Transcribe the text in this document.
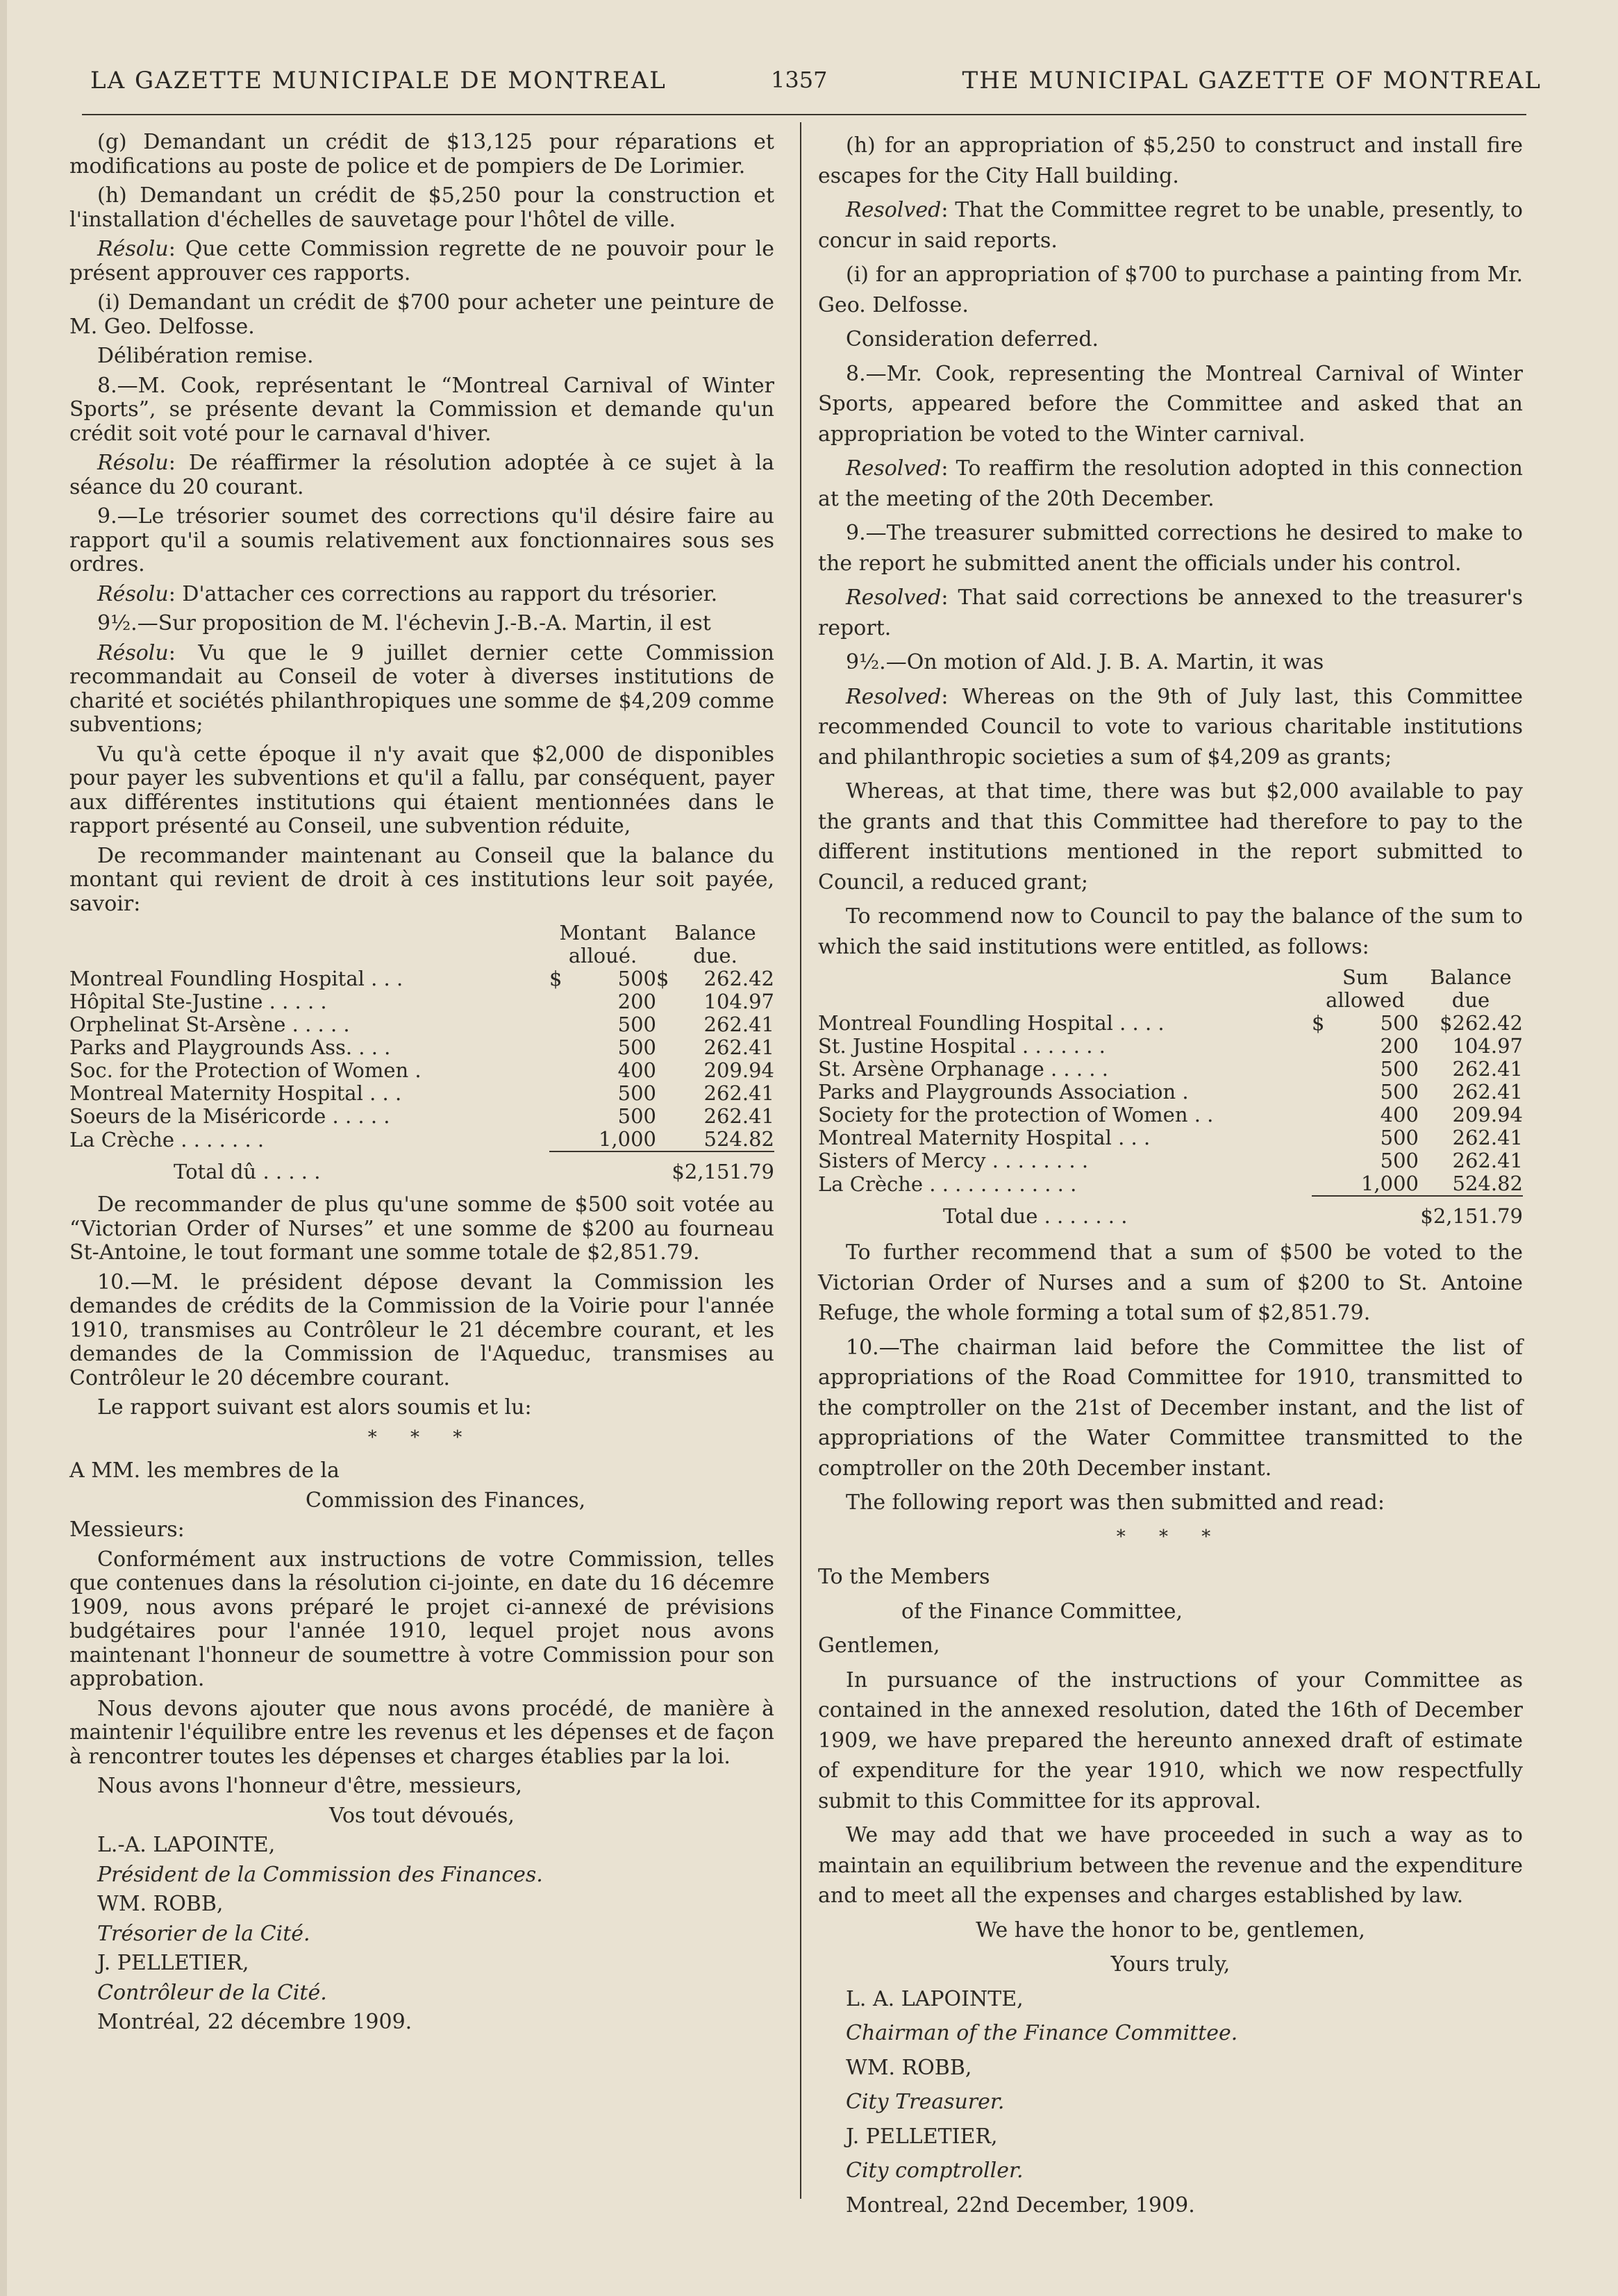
LA GAZETTE MUNICIPALE DE MONTREAL	1357	THE MUNICIPAL GAZETTE OF MONTREAL

(g) Demandant un crédit de $13,125 pour réparations et modifications au poste de police et de pompiers de De Lorimier.

(h) Demandant un crédit de $5,250 pour la construction et l'installation d'échelles de sauvetage pour l'hôtel de ville.

Résolu: Que cette Commission regrette de ne pouvoir pour le présent approuver ces rapports.

(i) Demandant un crédit de $700 pour acheter une peinture de M. Geo. Delfosse.

Délibération remise.

8.—M. Cook, représentant le “Montreal Carnival of Winter Sports”, se présente devant la Commission et demande qu'un crédit soit voté pour le carnaval d'hiver.

Résolu: De réaffirmer la résolution adoptée à ce sujet à la séance du 20 courant.

9.—Le trésorier soumet des corrections qu'il désire faire au rapport qu'il a soumis relativement aux fonctionnaires sous ses ordres.

Résolu: D'attacher ces corrections au rapport du trésorier.

9½.—Sur proposition de M. l'échevin J.-B.-A. Martin, il est

Résolu: Vu que le 9 juillet dernier cette Commission recommandait au Conseil de voter à diverses institutions de charité et sociétés philanthropiques une somme de $4,209 comme subventions;

Vu qu'à cette époque il n'y avait que $2,000 de disponibles pour payer les subventions et qu'il a fallu, par conséquent, payer aux différentes institutions qui étaient mentionnées dans le rapport présenté au Conseil, une subvention réduite,

De recommander maintenant au Conseil que la balance du montant qui revient de droit à ces institutions leur soit payée, savoir:

	Montant alloué.		Balance due.	
Montreal Foundling Hospital . . .	$	500	$	262.42
Hôpital Ste-Justine . . . . .		200		104.97
Orphelinat St-Arsène . . . . .		500		262.41
Parks and Playgrounds Ass. . . .		500		262.41
Soc. for the Protection of Women .		400		209.94
Montreal Maternity Hospital . . .		500		262.41
Soeurs de la Miséricorde . . . . .		500		262.41
La Crèche . . . . . . .		1,000		524.82

Total dû . . . . .	$2,151.79			

De recommander de plus qu'une somme de $500 soit votée au “Victorian Order of Nurses” et une somme de $200 au fourneau St-Antoine, le tout formant une somme totale de $2,851.79.

10.—M. le président dépose devant la Commission les demandes de crédits de la Commission de la Voirie pour l'année 1910, transmises au Contrôleur le 21 décembre courant, et les demandes de la Commission de l'Aqueduc, transmises au Contrôleur le 20 décembre courant.

Le rapport suivant est alors soumis et lu:

* * *

A MM. les membres de la

Commission des Finances,

Messieurs:

Conformément aux instructions de votre Commission, telles que contenues dans la résolution ci-jointe, en date du 16 décemre 1909, nous avons préparé le projet ci-annexé de prévisions budgétaires pour l'année 1910, lequel projet nous avons maintenant l'honneur de soumettre à votre Commission pour son approbation.

Nous devons ajouter que nous avons procédé, de manière à maintenir l'équilibre entre les revenus et les dépenses et de façon à rencontrer toutes les dépenses et charges établies par la loi.

Nous avons l'honneur d'être, messieurs,

Vos tout dévoués,

L.-A. LAPOINTE,

Président de la Commission des Finances.

WM. ROBB,

Trésorier de la Cité.

J. PELLETIER,

Contrôleur de la Cité.

Montréal, 22 décembre 1909.

(h) for an appropriation of $5,250 to construct and install fire escapes for the City Hall building.

Resolved: That the Committee regret to be unable, presently, to concur in said reports.

(i) for an appropriation of $700 to purchase a painting from Mr. Geo. Delfosse.

Consideration deferred.

8.—Mr. Cook, representing the Montreal Carnival of Winter Sports, appeared before the Committee and asked that an appropriation be voted to the Winter carnival.

Resolved: To reaffirm the resolution adopted in this connection at the meeting of the 20th December.

9.—The treasurer submitted corrections he desired to make to the report he submitted anent the officials under his control.

Resolved: That said corrections be annexed to the treasurer's report.

9½.—On motion of Ald. J. B. A. Martin, it was

Resolved: Whereas on the 9th of July last, this Committee recommended Council to vote to various charitable institutions and philanthropic societies a sum of $4,209 as grants;

Whereas, at that time, there was but $2,000 available to pay the grants and that this Committee had therefore to pay to the different institutions mentioned in the report submitted to Council, a reduced grant;

To recommend now to Council to pay the balance of the sum to which the said institutions were entitled, as follows:

	Sum allowed		Balance due
Montreal Foundling Hospital . . . .	$	500	$262.42
St. Justine Hospital . . . . . . .		200	104.97
St. Arsène Orphanage . . . . .		500	262.41
Parks and Playgrounds Association .		500	262.41
Society for the protection of Women . .		400	209.94
Montreal Maternity Hospital . . .		500	262.41
Sisters of Mercy . . . . . . . .		500	262.41
La Crèche . . . . . . . . . . . .		1,000	524.82

Total due . . . . . . .	$2,151.79		

To further recommend that a sum of $500 be voted to the Victorian Order of Nurses and a sum of $200 to St. Antoine Refuge, the whole forming a total sum of $2,851.79.

10.—The chairman laid before the Committee the list of appropriations of the Road Committee for 1910, transmitted to the comptroller on the 21st of December instant, and the list of appropriations of the Water Committee transmitted to the comptroller on the 20th December instant.

The following report was then submitted and read:

* * *

To the Members

of the Finance Committee,

Gentlemen,

In pursuance of the instructions of your Committee as contained in the annexed resolution, dated the 16th of December 1909, we have prepared the hereunto annexed draft of estimate of expenditure for the year 1910, which we now respectfully submit to this Committee for its approval.

We may add that we have proceeded in such a way as to maintain an equilibrium between the revenue and the expenditure and to meet all the expenses and charges established by law.

We have the honor to be, gentlemen,

Yours truly,

L. A. LAPOINTE,

Chairman of the Finance Committee.

WM. ROBB,

City Treasurer.

J. PELLETIER,

City comptroller.

Montreal, 22nd December, 1909.
